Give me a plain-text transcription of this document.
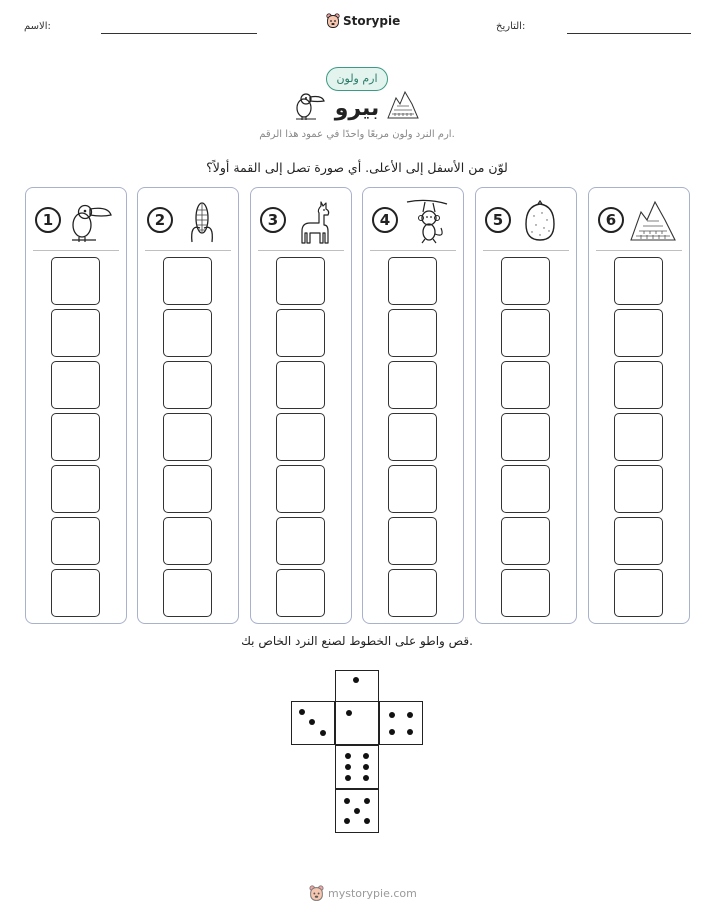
الاسم:	Storypie	التاريخ:
ارم ولون
بيرو
ارم النرد ولون مربعًا واحدًا في عمود هذا الرقم.
لوّن من الأسفل إلى الأعلى. أي صورة تصل إلى القمة أولاً؟
1	2	3	4	5	6
قص واطو على الخطوط لصنع النرد الخاص بك.
mystorypie.com
